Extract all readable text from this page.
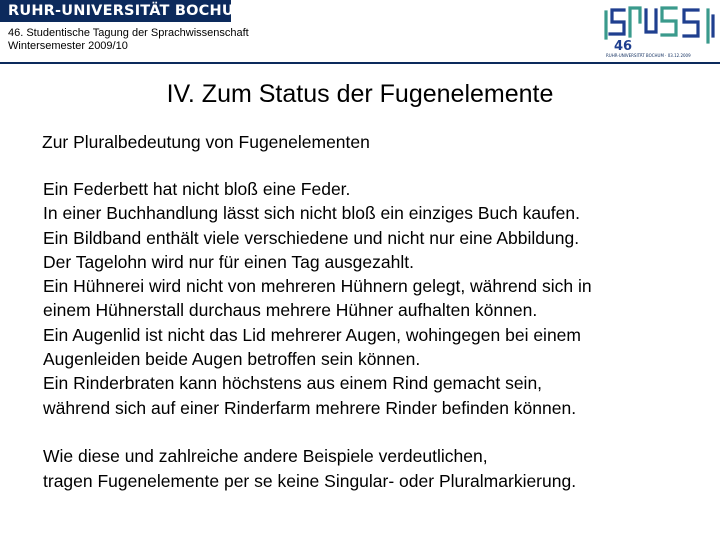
RUHR-UNIVERSITÄT BOCHUM
46. Studentische Tagung der Sprachwissenschaft
Wintersemester 2009/10	46
RUHR-UNIVERSITÄT BOCHUM · 03.12.2009
IV. Zum Status der Fugenelemente
Zur Pluralbedeutung von Fugenelementen
Ein Federbett hat nicht bloß eine Feder.
In einer Buchhandlung lässt sich nicht bloß ein einziges Buch kaufen.
Ein Bildband enthält viele verschiedene und nicht nur eine Abbildung.
Der Tagelohn wird nur für einen Tag ausgezahlt.
Ein Hühnerei wird nicht von mehreren Hühnern gelegt, während sich in
einem Hühnerstall durchaus mehrere Hühner aufhalten können.
Ein Augenlid ist nicht das Lid mehrerer Augen, wohingegen bei einem
Augenleiden beide Augen betroffen sein können.
Ein Rinderbraten kann höchstens aus einem Rind gemacht sein,
während sich auf einer Rinderfarm mehrere Rinder befinden können.
Wie diese und zahlreiche andere Beispiele verdeutlichen,
tragen Fugenelemente per se keine Singular- oder Pluralmarkierung.
